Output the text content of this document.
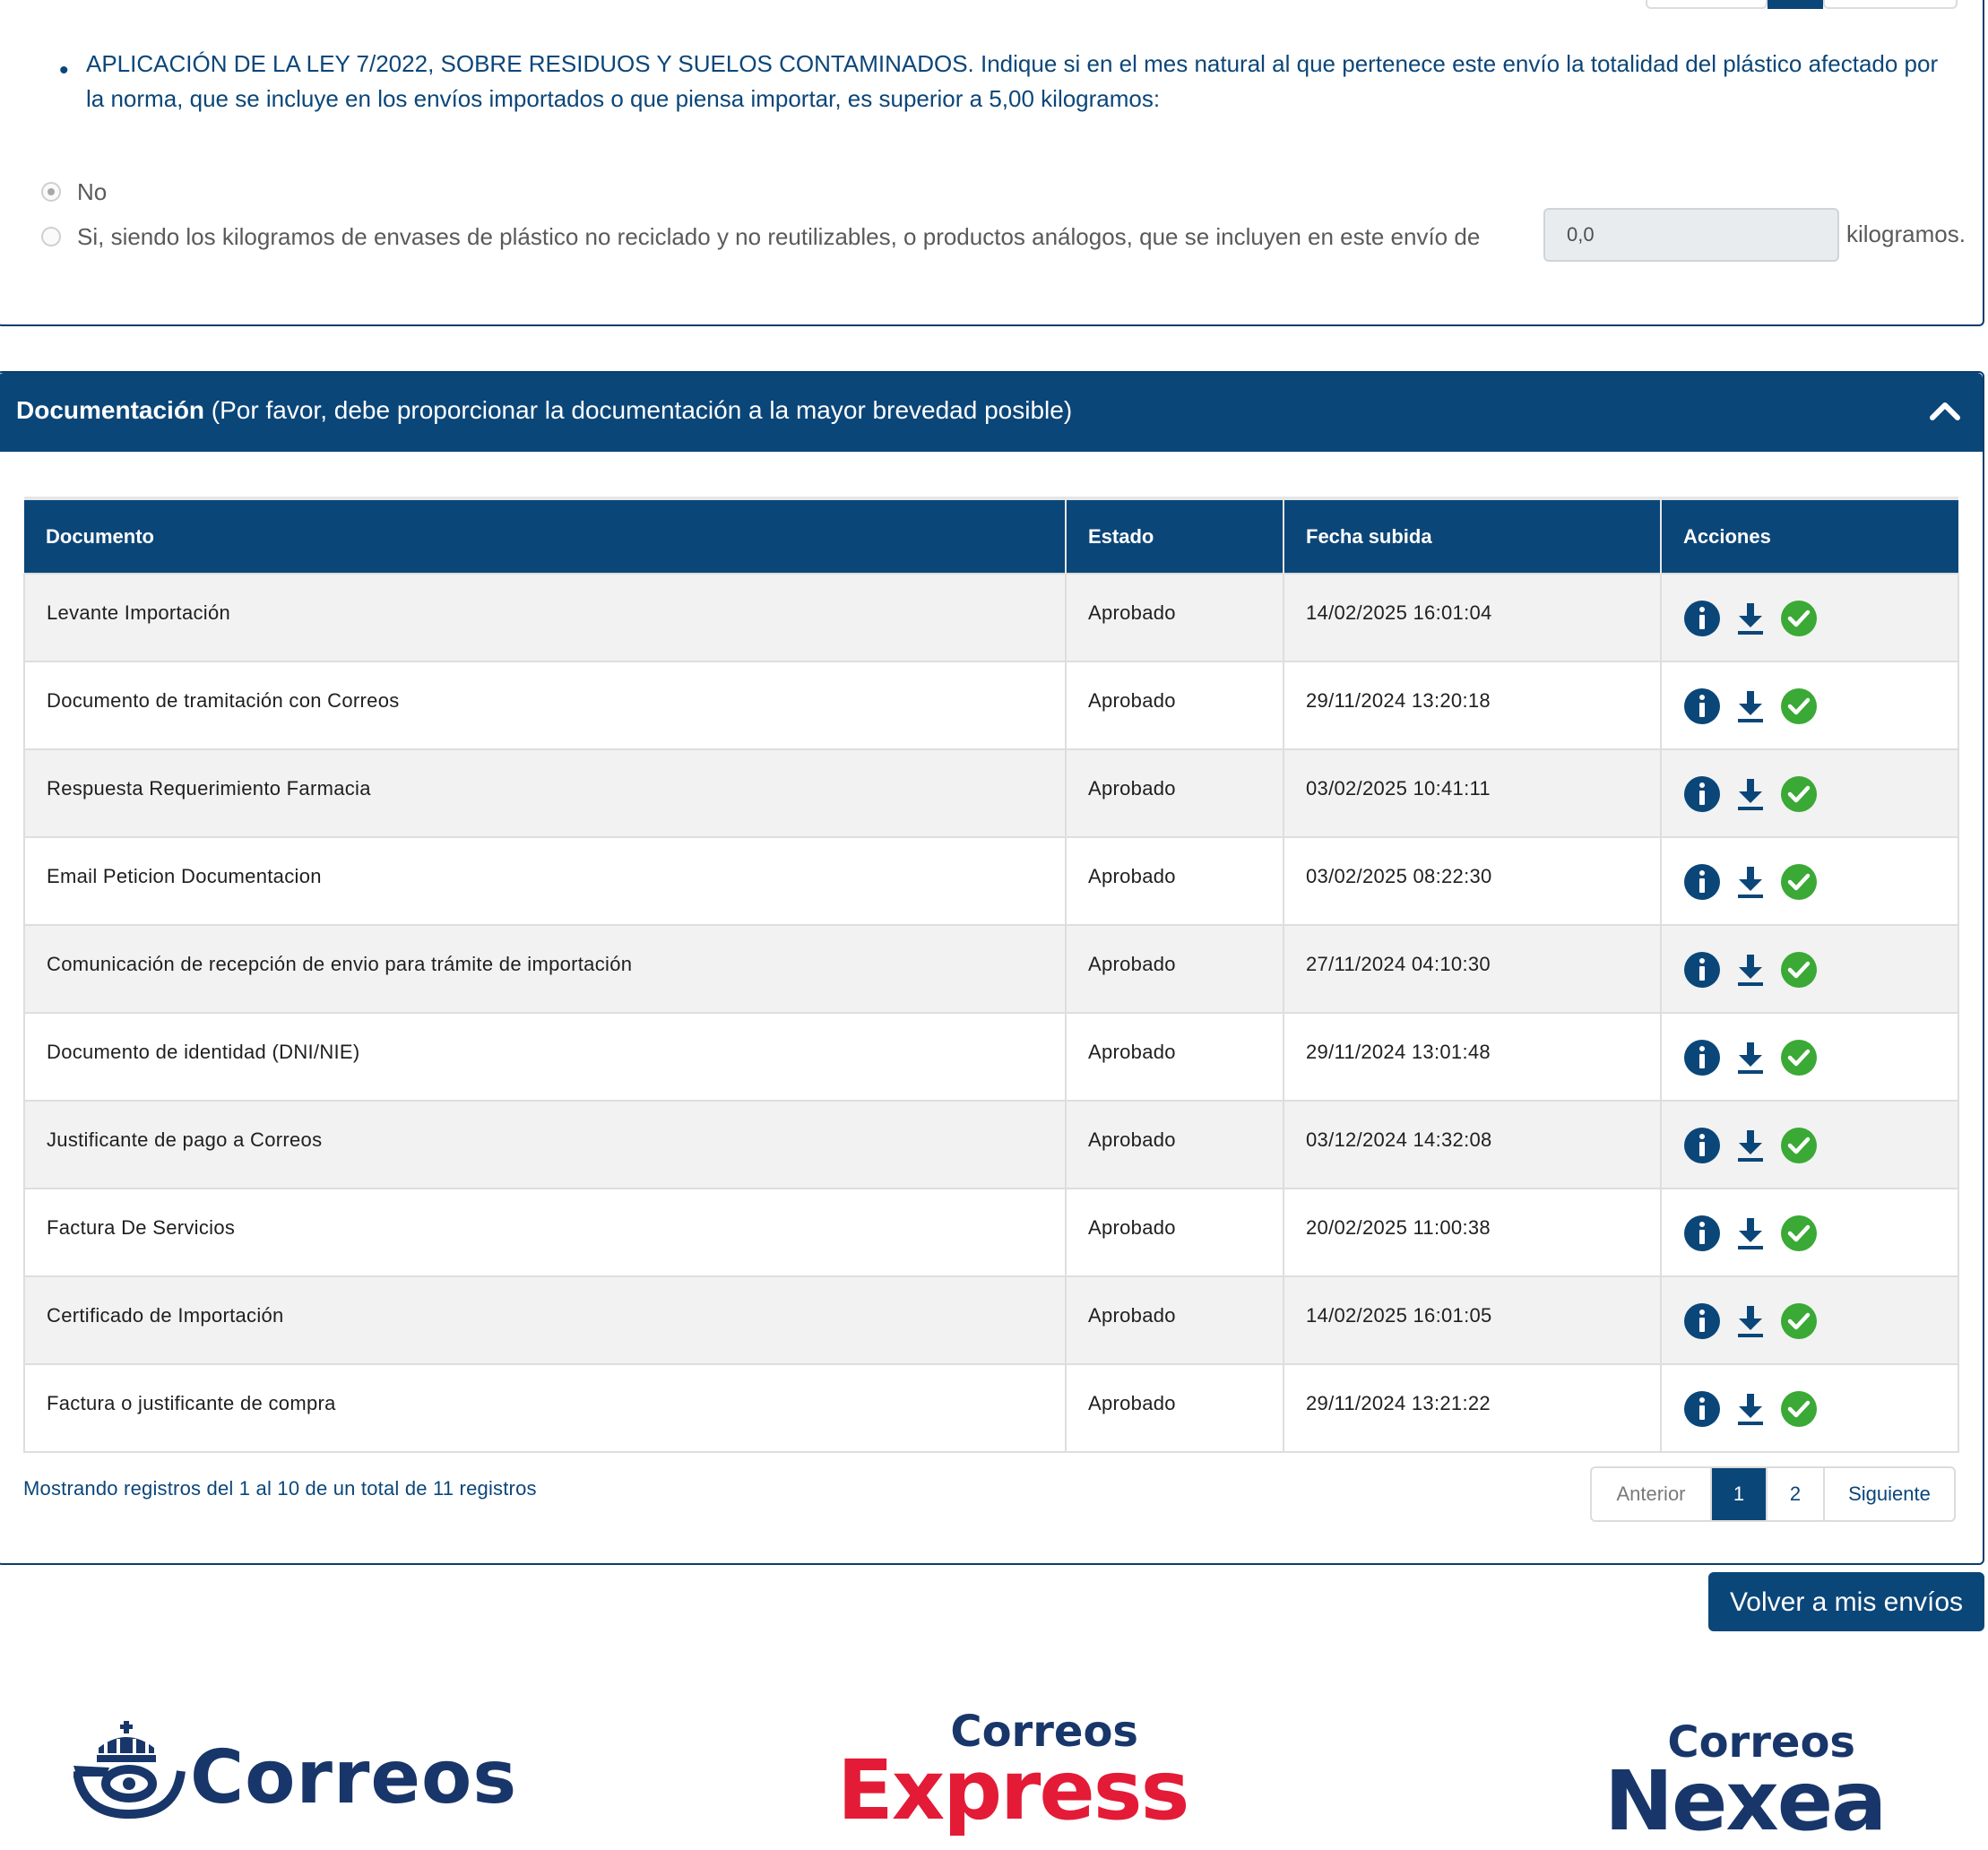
• APLICACIÓN DE LA LEY 7/2022, SOBRE RESIDUOS Y SUELOS CONTAMINADOS. Indique si en el mes natural al que pertenece este envío la totalidad del plástico afectado por la norma, que se incluye en los envíos importados o que piensa importar, es superior a 5,00 kilogramos:
No
Si, siendo los kilogramos de envases de plástico no reciclado y no reutilizables, o productos análogos, que se incluyen en este envío de
0,0	kilogramos.
Documentación (Por favor, debe proporcionar la documentación a la mayor brevedad posible)
Documento	Estado	Fecha subida	Acciones
Levante Importación	Aprobado	14/02/2025 16:01:04	

Documento de tramitación con Correos	Aprobado	29/11/2024 13:20:18	

Respuesta Requerimiento Farmacia	Aprobado	03/02/2025 10:41:11	

Email Peticion Documentacion	Aprobado	03/02/2025 08:22:30	

Comunicación de recepción de envio para trámite de importación	Aprobado	27/11/2024 04:10:30	

Documento de identidad (DNI/NIE)	Aprobado	29/11/2024 13:01:48	

Justificante de pago a Correos	Aprobado	03/12/2024 14:32:08	

Factura De Servicios	Aprobado	20/02/2025 11:00:38	

Certificado de Importación	Aprobado	14/02/2025 16:01:05	

Factura o justificante de compra	Aprobado	29/11/2024 13:21:22	
Mostrando registros del 1 al 10 de un total de 11 registros	Anterior	1	2	Siguiente
Volver a mis envíos
Correos
Correos
Express	Correos
Nexea
